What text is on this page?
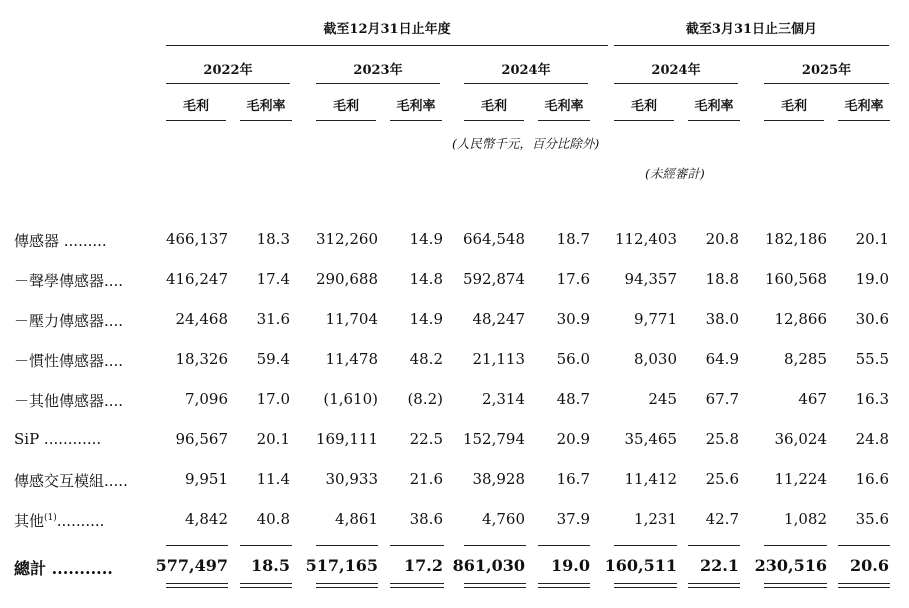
截至12月31日止年度	截至3月31日止三個月
2022年	2023年	2024年	2024年	2025年
毛利	毛利率	毛利	毛利率	毛利	毛利率	毛利	毛利率	毛利	毛利率
(人民幣千元，百分比除外)
(未經審計)
傳感器 .........	466,137	18.3	312,260	14.9	664,548	18.7	112,403	20.8	182,186	20.1
－聲學傳感器....	416,247	17.4	290,688	14.8	592,874	17.6	94,357	18.8	160,568	19.0
－壓力傳感器....	24,468	31.6	11,704	14.9	48,247	30.9	9,771	38.0	12,866	30.6
－慣性傳感器....	18,326	59.4	11,478	48.2	21,113	56.0	8,030	64.9	8,285	55.5
－其他傳感器....	7,096	17.0	(1,610)	(8.2)	2,314	48.7	245	67.7	467	16.3
SiP ............	96,567	20.1	169,111	22.5	152,794	20.9	35,465	25.8	36,024	24.8
傳感交互模組.....	9,951	11.4	30,933	21.6	38,928	16.7	11,412	25.6	11,224	16.6
其他$^{(1)}$..........	4,842	40.8	4,861	38.6	4,760	37.9	1,231	42.7	1,082	35.6
總計 ...........	577,497	18.5 517,165	17.2 861,030	19.0 160,511	22.1 230,516	20.6
